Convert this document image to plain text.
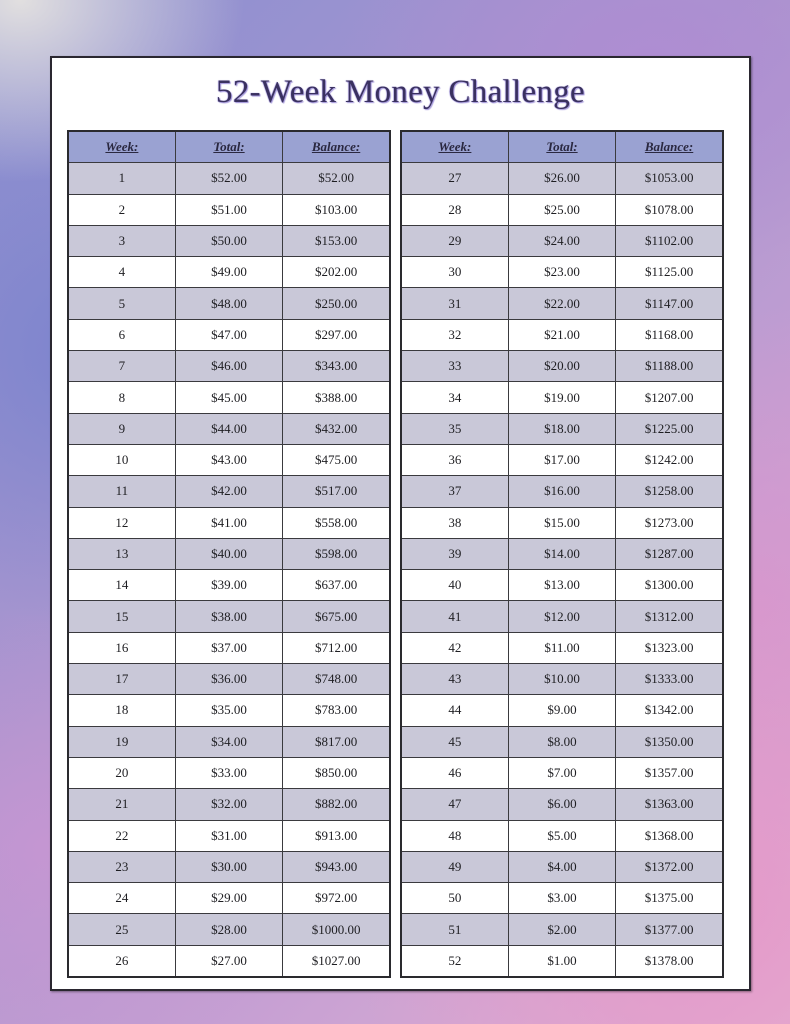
52-Week Money Challenge
Week:	Total:	Balance:
1	$52.00	$52.00
2	$51.00	$103.00
3	$50.00	$153.00
4	$49.00	$202.00
5	$48.00	$250.00
6	$47.00	$297.00
7	$46.00	$343.00
8	$45.00	$388.00
9	$44.00	$432.00
10	$43.00	$475.00
11	$42.00	$517.00
12	$41.00	$558.00
13	$40.00	$598.00
14	$39.00	$637.00
15	$38.00	$675.00
16	$37.00	$712.00
17	$36.00	$748.00
18	$35.00	$783.00
19	$34.00	$817.00
20	$33.00	$850.00
21	$32.00	$882.00
22	$31.00	$913.00
23	$30.00	$943.00
24	$29.00	$972.00
25	$28.00	$1000.00
26	$27.00	$1027.00
Week:	Total:	Balance:
27	$26.00	$1053.00
28	$25.00	$1078.00
29	$24.00	$1102.00
30	$23.00	$1125.00
31	$22.00	$1147.00
32	$21.00	$1168.00
33	$20.00	$1188.00
34	$19.00	$1207.00
35	$18.00	$1225.00
36	$17.00	$1242.00
37	$16.00	$1258.00
38	$15.00	$1273.00
39	$14.00	$1287.00
40	$13.00	$1300.00
41	$12.00	$1312.00
42	$11.00	$1323.00
43	$10.00	$1333.00
44	$9.00	$1342.00
45	$8.00	$1350.00
46	$7.00	$1357.00
47	$6.00	$1363.00
48	$5.00	$1368.00
49	$4.00	$1372.00
50	$3.00	$1375.00
51	$2.00	$1377.00
52	$1.00	$1378.00
